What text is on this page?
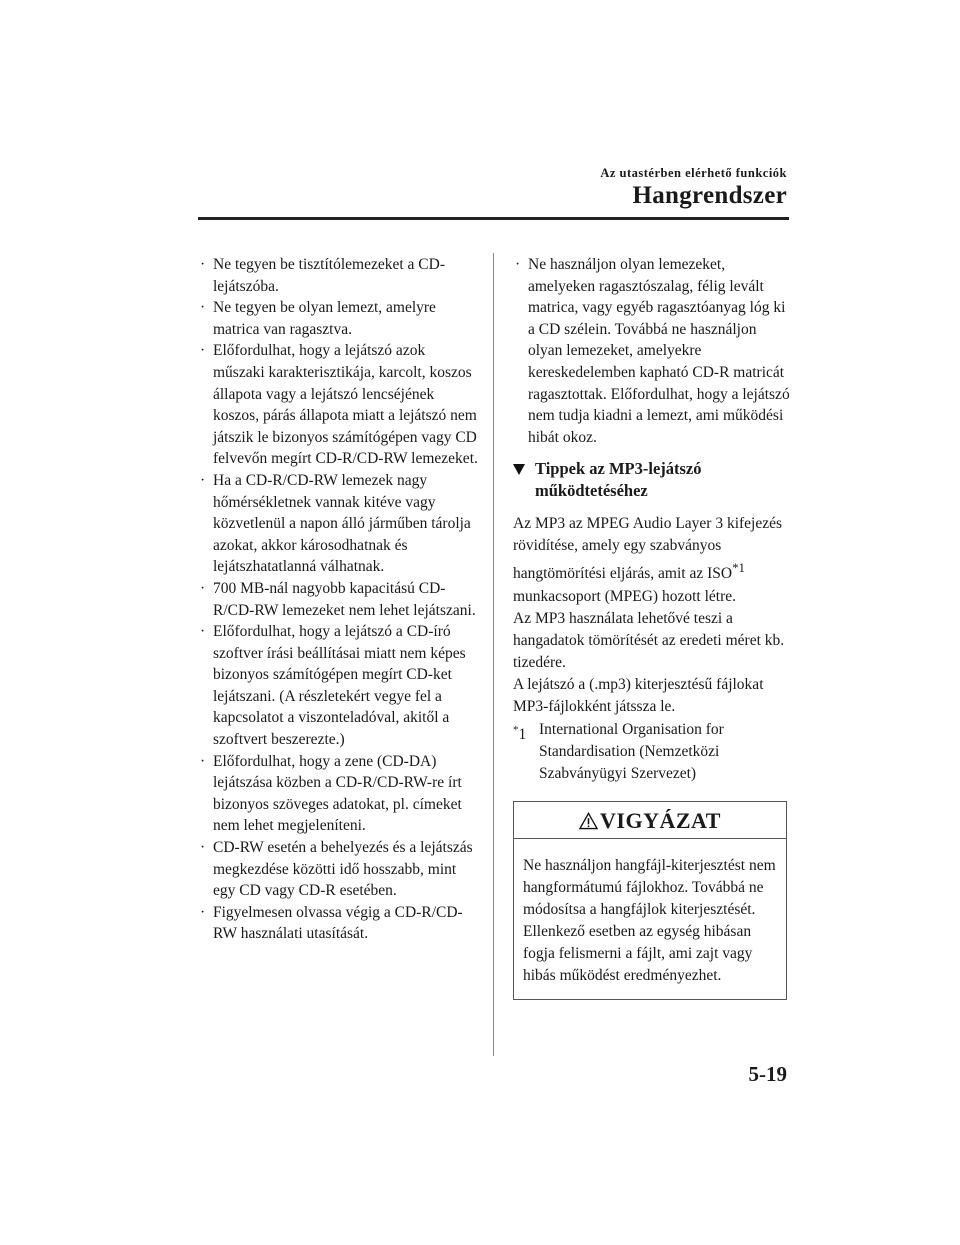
Az utastérben elérhető funkciók
Hangrendszer
· Ne tegyen be tisztítólemezeket a CD-lejátszóba.
· Ne tegyen be olyan lemezt, amelyre matrica van ragasztva.
· Előfordulhat, hogy a lejátszó azok műszaki karakterisztikája, karcolt, koszos állapota vagy a lejátszó lencséjének koszos, párás állapota miatt a lejátszó nem játszik le bizonyos számítógépen vagy CD felvevőn megírt CD-R/CD-RW lemezeket.
· Ha a CD-R/CD-RW lemezek nagy hőmérsékletnek vannak kitéve vagy közvetlenül a napon álló járműben tárolja azokat, akkor károsodhatnak és lejátszhatatlanná válhatnak.
· 700 MB-nál nagyobb kapacitású CD-R/CD-RW lemezeket nem lehet lejátszani.
· Előfordulhat, hogy a lejátszó a CD-író szoftver írási beállításai miatt nem képes bizonyos számítógépen megírt CD-ket lejátszani. (A részletekért vegye fel a kapcsolatot a viszonteladóval, akitől a szoftvert beszerezte.)
· Előfordulhat, hogy a zene (CD-DA) lejátszása közben a CD-R/CD-RW-re írt bizonyos szöveges adatokat, pl. címeket nem lehet megjeleníteni.
· CD-RW esetén a behelyezés és a lejátszás megkezdése közötti idő hosszabb, mint egy CD vagy CD-R esetében.
· Figyelmesen olvassa végig a CD-R/CD-RW használati utasítását.
· Ne használjon olyan lemezeket, amelyeken ragasztószalag, félig levált matrica, vagy egyéb ragasztóanyag lóg ki a CD szélein. Továbbá ne használjon olyan lemezeket, amelyekre kereskedelemben kapható CD-R matricát ragasztottak. Előfordulhat, hogy a lejátszó nem tudja kiadni a lemezt, ami működési hibát okoz.
Tippek az MP3-lejátszó működtetéséhez

Az MP3 az MPEG Audio Layer 3 kifejezés rövidítése, amely egy szabványos hangtömörítési eljárás, amit az ISO$^{*1}$ munkacsoport (MPEG) hozott létre.

Az MP3 használata lehetővé teszi a hangadatok tömörítését az eredeti méret kb. tizedére.

A lejátszó a (.mp3) kiterjesztésű fájlokat MP3-fájlokként játssza le.

*1 International Organisation for Standardisation (Nemzetközi Szabványügyi Szervezet)
VIGYÁZAT
Ne használjon hangfájl-kiterjesztést nem hangformátumú fájlokhoz. Továbbá ne módosítsa a hangfájlok kiterjesztését. Ellenkező esetben az egység hibásan fogja felismerni a fájlt, ami zajt vagy hibás működést eredményezhet.
5-19
